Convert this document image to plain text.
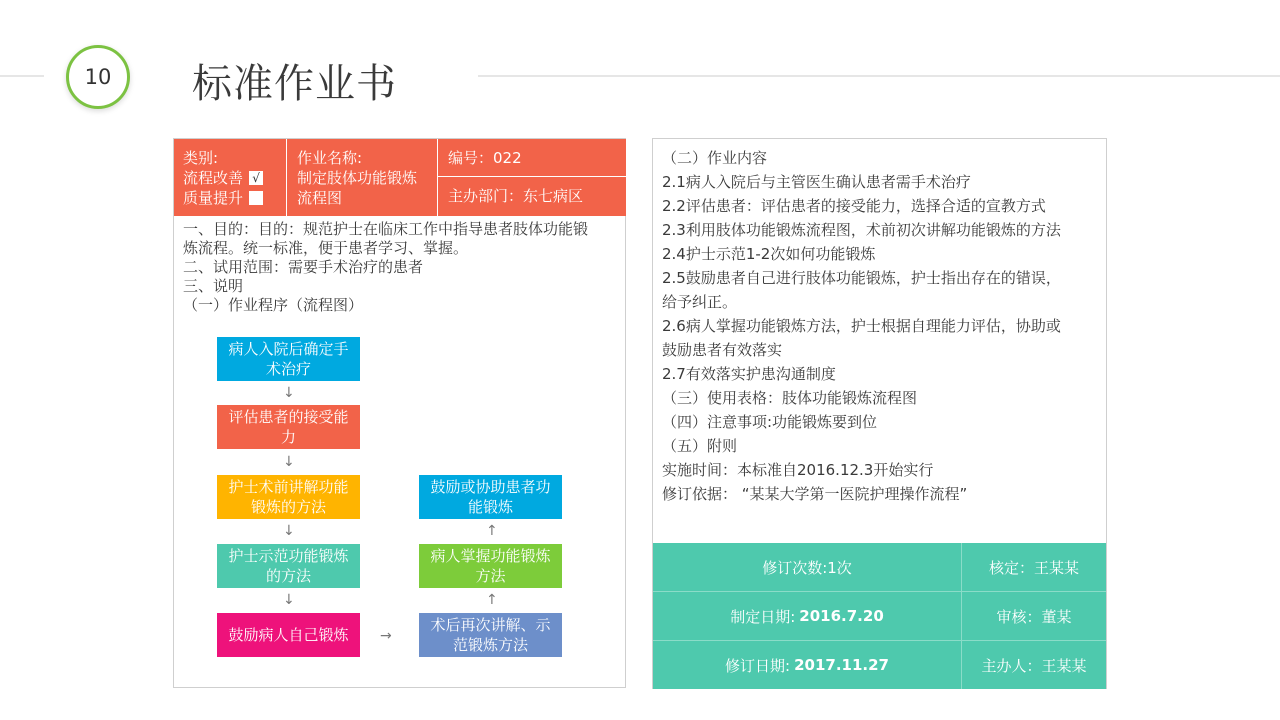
10 标准作业书
类别:
流程改善 √
质量提升
作业名称:
制定肢体功能锻炼
流程图
编号：022
主办部门：东七病区

一、目的：目的：规范护士在临床工作中指导患者肢体功能锻

炼流程。统一标准，便于患者学习、掌握。

二、试用范围：需要手术治疗的患者

三、说明

（一）作业程序（流程图）

病人入院后确定手术治疗
↓
评估患者的接受能力
↓
护士术前讲解功能锻炼的方法
↓
护士示范功能锻炼的方法
↓
鼓励病人自己锻炼	→
术后再次讲解、示范锻炼方法
↑
病人掌握功能锻炼方法
↑
鼓励或协助患者功能锻炼

（二）作业内容

2.1病人入院后与主管医生确认患者需手术治疗

2.2评估患者：评估患者的接受能力，选择合适的宣教方式

2.3利用肢体功能锻炼流程图，术前初次讲解功能锻炼的方法

2.4护士示范1-2次如何功能锻炼

2.5鼓励患者自己进行肢体功能锻炼，护士指出存在的错误，

给予纠正。

2.6病人掌握功能锻炼方法，护士根据自理能力评估，协助或

鼓励患者有效落实

2.7有效落实护患沟通制度

（三）使用表格：肢体功能锻炼流程图

（四）注意事项:功能锻炼要到位

（五）附则

实施时间：本标准自2016.12.3开始实行

修订依据： “某某大学第一医院护理操作流程”

修订次数:1次	核定：王某某
制定日期: 2016.7.20	审核：董某
修订日期: 2017.11.27	主办人：王某某
